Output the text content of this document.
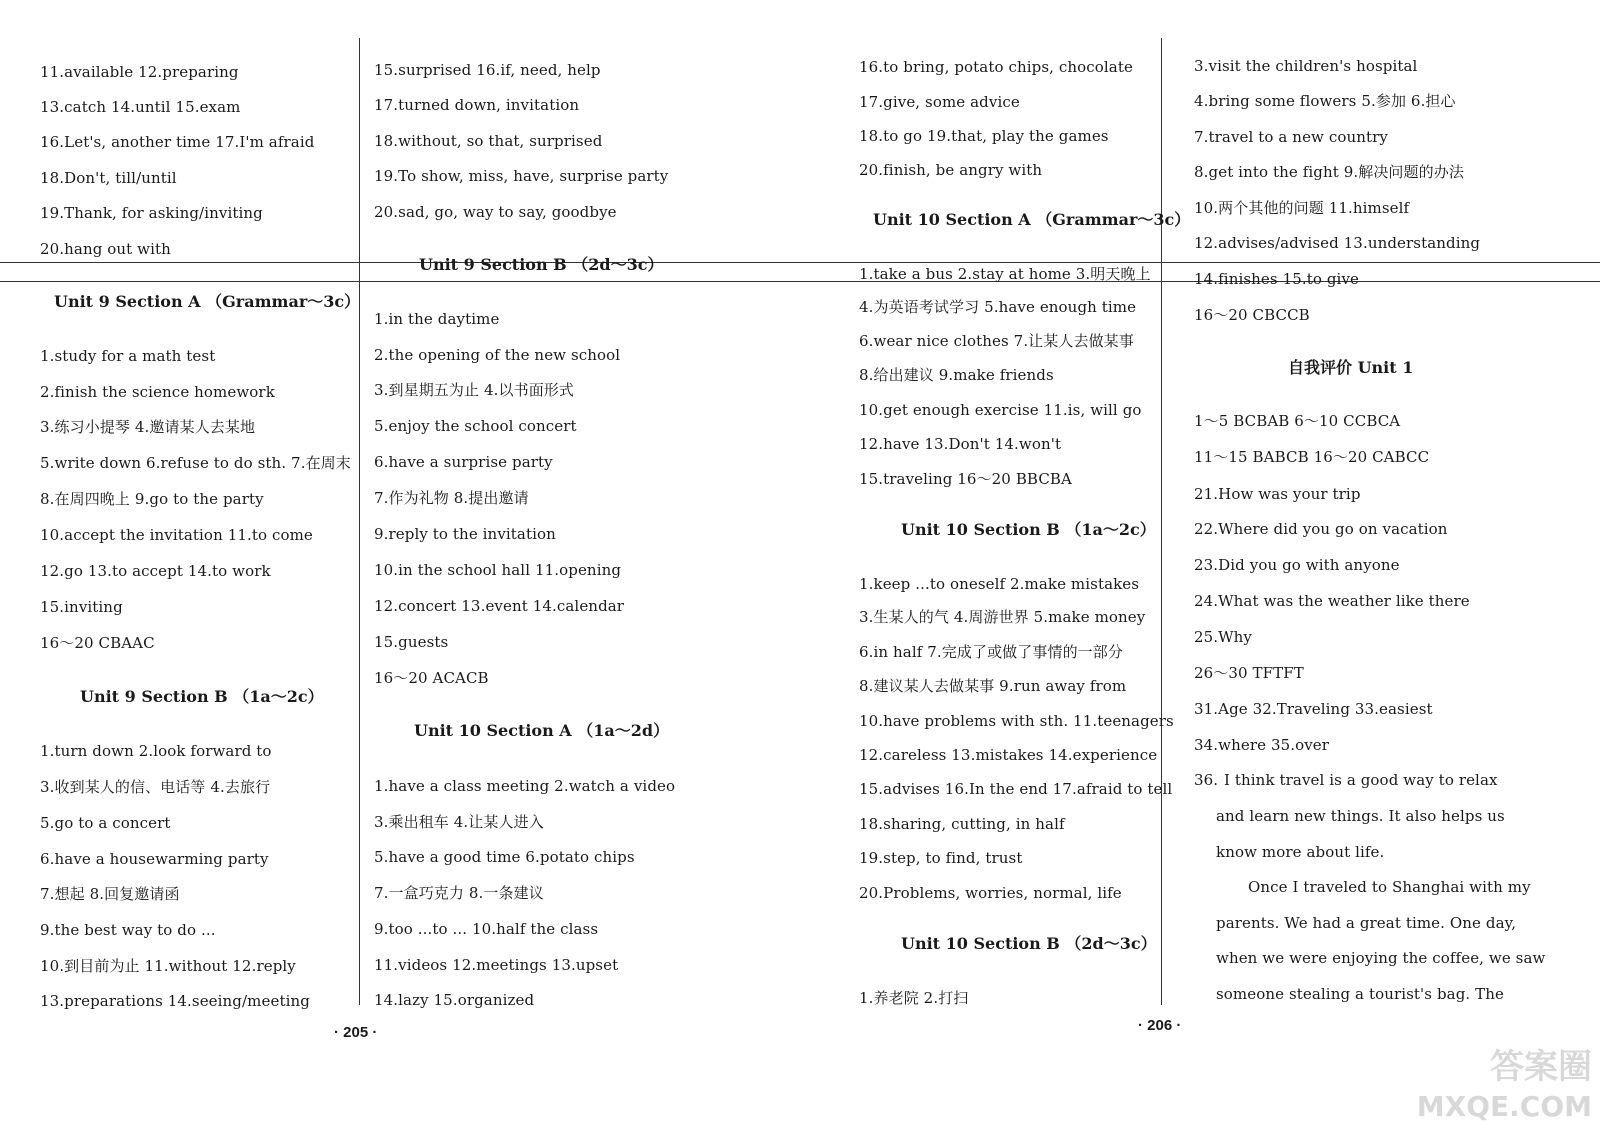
11.available 12.preparing
13.catch 14.until 15.exam
16.Let's, another time 17.I'm afraid
18.Don't, till/until
19.Thank, for asking/inviting
20.hang out with
Unit 9 Section A （Grammar～3c）
1.study for a math test
2.finish the science homework
3.练习小提琴 4.邀请某人去某地
5.write down 6.refuse to do sth. 7.在周末
8.在周四晚上 9.go to the party
10.accept the invitation 11.to come
12.go 13.to accept 14.to work
15.inviting
16～20 CBAAC
Unit 9 Section B （1a～2c）
1.turn down 2.look forward to
3.收到某人的信、电话等 4.去旅行
5.go to a concert
6.have a housewarming party
7.想起 8.回复邀请函
9.the best way to do ...
10.到目前为止 11.without 12.reply
13.preparations 14.seeing/meeting
15.surprised 16.if, need, help
17.turned down, invitation
18.without, so that, surprised
19.To show, miss, have, surprise party
20.sad, go, way to say, goodbye
Unit 9 Section B （2d～3c）
1.in the daytime
2.the opening of the new school
3.到星期五为止 4.以书面形式
5.enjoy the school concert
6.have a surprise party
7.作为礼物 8.提出邀请
9.reply to the invitation
10.in the school hall 11.opening
12.concert 13.event 14.calendar
15.guests
16～20 ACACB
Unit 10 Section A （1a～2d）
1.have a class meeting 2.watch a video
3.乘出租车 4.让某人进入
5.have a good time 6.potato chips
7.一盒巧克力 8.一条建议
9.too ...to ... 10.half the class
11.videos 12.meetings 13.upset
14.lazy 15.organized
16.to bring, potato chips, chocolate
17.give, some advice
18.to go 19.that, play the games
20.finish, be angry with
Unit 10 Section A （Grammar～3c）
1.take a bus 2.stay at home 3.明天晚上
4.为英语考试学习 5.have enough time
6.wear nice clothes 7.让某人去做某事
8.给出建议 9.make friends
10.get enough exercise 11.is, will go
12.have 13.Don't 14.won't
15.traveling 16～20 BBCBA
Unit 10 Section B （1a～2c）
1.keep ...to oneself 2.make mistakes
3.生某人的气 4.周游世界 5.make money
6.in half 7.完成了或做了事情的一部分
8.建议某人去做某事 9.run away from
10.have problems with sth. 11.teenagers
12.careless 13.mistakes 14.experience
15.advises 16.In the end 17.afraid to tell
18.sharing, cutting, in half
19.step, to find, trust
20.Problems, worries, normal, life
Unit 10 Section B （2d～3c）
1.养老院 2.打扫
3.visit the children's hospital
4.bring some flowers 5.参加 6.担心
7.travel to a new country
8.get into the fight 9.解决问题的办法
10.两个其他的问题 11.himself
12.advises/advised 13.understanding
14.finishes 15.to give
16～20 CBCCB
自我评价 Unit 1
1～5 BCBAB 6～10 CCBCA
11～15 BABCB 16～20 CABCC
21.How was your trip
22.Where did you go on vacation
23.Did you go with anyone
24.What was the weather like there
25.Why
26～30 TFTFT
31.Age 32.Traveling 33.easiest
34.where 35.over
36. I think travel is a good way to relax
and learn new things. It also helps us
know more about life.
Once I traveled to Shanghai with my
parents. We had a great time. One day,
when we were enjoying the coffee, we saw
someone stealing a tourist's bag. The
· 205 ·	· 206 ·
答案圈
MXQE.COM
